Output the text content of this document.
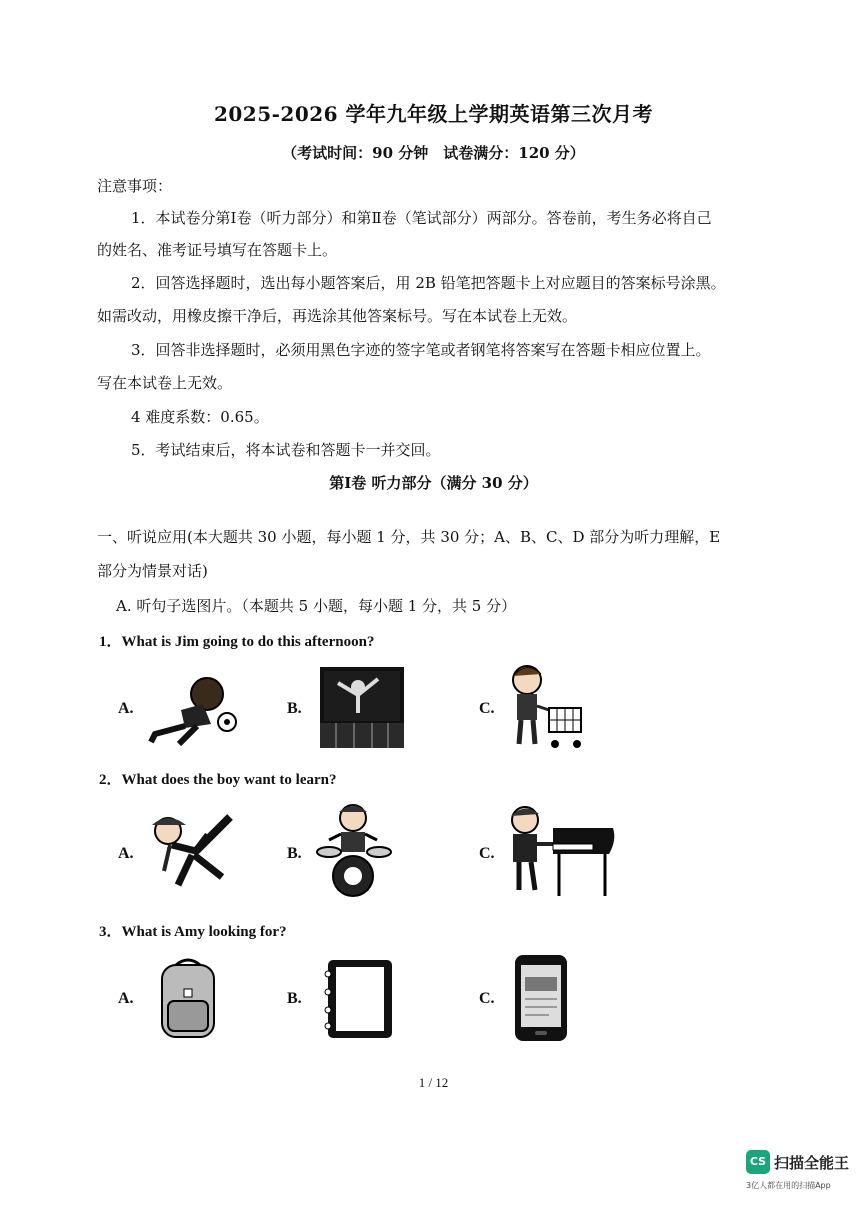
2025-2026 学年九年级上学期英语第三次月考
（考试时间：90 分钟　试卷满分：120 分）
注意事项：
1．本试卷分第Ⅰ卷（听力部分）和第Ⅱ卷（笔试部分）两部分。答卷前，考生务必将自己
的姓名、准考证号填写在答题卡上。
2．回答选择题时，选出每小题答案后，用 2B 铅笔把答题卡上对应题目的答案标号涂黑。
如需改动，用橡皮擦干净后，再选涂其他答案标号。写在本试卷上无效。
3．回答非选择题时，必须用黑色字迹的签字笔或者钢笔将答案写在答题卡相应位置上。
写在本试卷上无效。
4 难度系数：0.65。
5．考试结束后，将本试卷和答题卡一并交回。
第Ⅰ卷 听力部分（满分 30 分）
一、听说应用(本大题共 30 小题，每小题 1 分，共 30 分；A、B、C、D 部分为听力理解，E
部分为情景对话)
A. 听句子选图片。（本题共 5 小题，每小题 1 分，共 5 分）
1．What is Jim going to do this afternoon?
A.	B.	C.
2．What does the boy want to learn?
A.	B.	C.
3．What is Amy looking for?
A.	B.	C.
1 / 12
CS 扫描全能王
3亿人都在用的扫描App
